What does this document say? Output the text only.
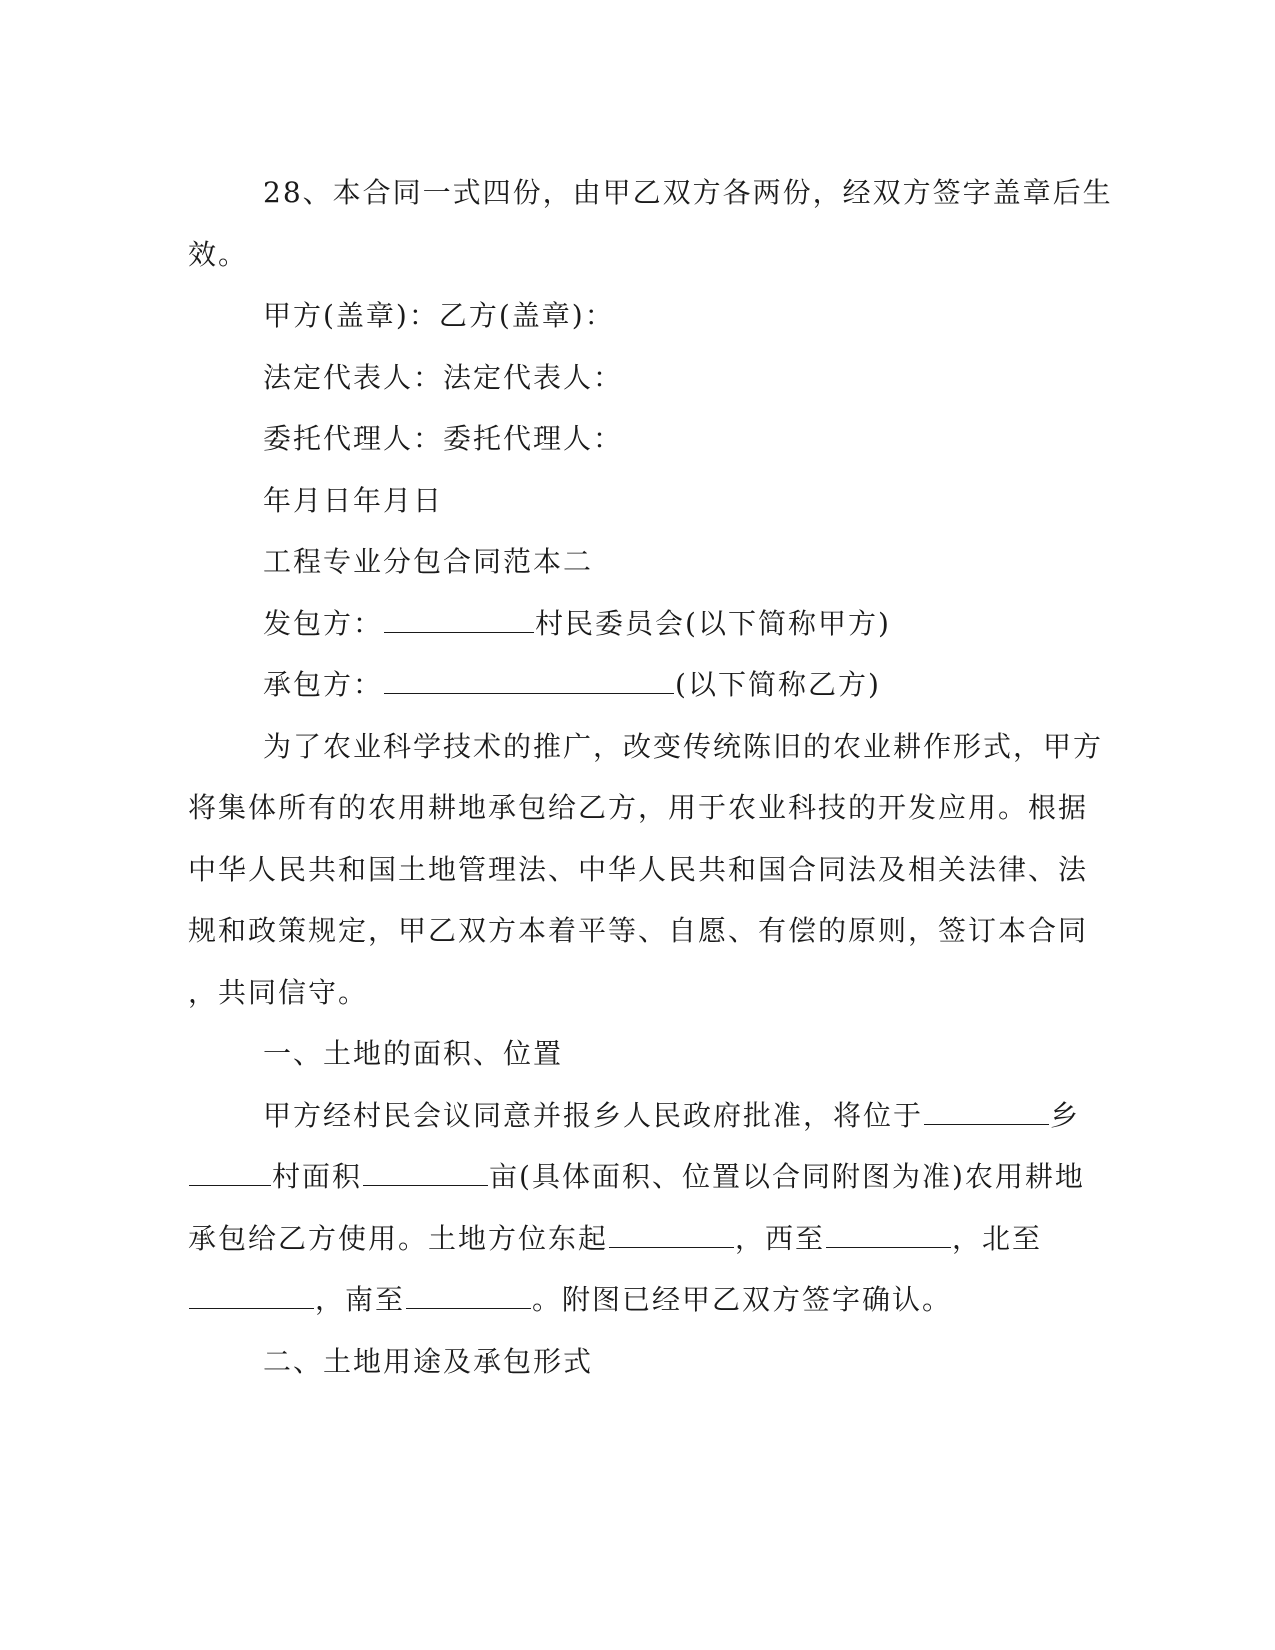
28、本合同一式四份，由甲乙双方各两份，经双方签字盖章后生
效。
甲方(盖章)：乙方(盖章)：
法定代表人：法定代表人：
委托代理人：委托代理人：
年月日年月日
工程专业分包合同范本二
发包方：	村民委员会(以下简称甲方)
承包方：	(以下简称乙方)
为了农业科学技术的推广，改变传统陈旧的农业耕作形式，甲方
将集体所有的农用耕地承包给乙方，用于农业科技的开发应用。根据
中华人民共和国土地管理法、中华人民共和国合同法及相关法律、法
规和政策规定，甲乙双方本着平等、自愿、有偿的原则，签订本合同
，共同信守。
一、土地的面积、位置
甲方经村民会议同意并报乡人民政府批准，将位于	乡
村面积	亩(具体面积、位置以合同附图为准)农用耕地
承包给乙方使用。土地方位东起	，西至	，北至
，南至	。附图已经甲乙双方签字确认。
二、土地用途及承包形式
